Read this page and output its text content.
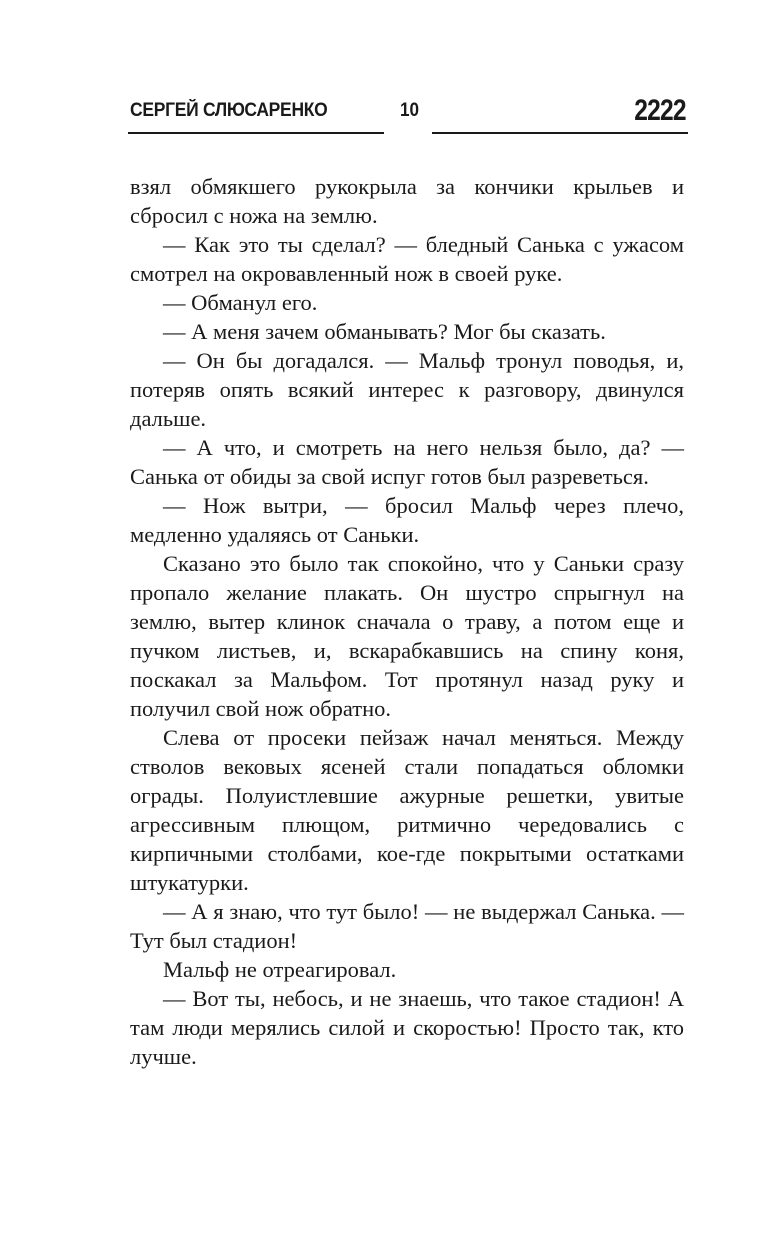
СЕРГЕЙ СЛЮСАРЕНКО	10	2222

взял обмякшего рукокрыла за кончики крыльев и сбросил с ножа на землю.

— Как это ты сделал? — бледный Санька с ужасом смотрел на окровавленный нож в своей руке.

— Обманул его.

— А меня зачем обманывать? Мог бы сказать.

— Он бы догадался. — Мальф тронул поводья, и, потеряв опять всякий интерес к разговору, двинулся дальше.

— А что, и смотреть на него нельзя было, да? — Санька от обиды за свой испуг готов был разреветься.

— Нож вытри, — бросил Мальф через плечо, медленно удаляясь от Саньки.

Сказано это было так спокойно, что у Саньки сразу пропало желание плакать. Он шустро спрыгнул на землю, вытер клинок сначала о траву, а потом еще и пучком листьев, и, вскарабкавшись на спину коня, поскакал за Мальфом. Тот протянул назад руку и получил свой нож обратно.

Слева от просеки пейзаж начал меняться. Между стволов вековых ясеней стали попадаться обломки ограды. Полуистлевшие ажурные решетки, увитые агрессивным плющом, ритмично чередовались с кирпичными столбами, кое-где покрытыми остатками штукатурки.

— А я знаю, что тут было! — не выдержал Санька. — Тут был стадион!

Мальф не отреагировал.

— Вот ты, небось, и не знаешь, что такое стадион! А там люди мерялись силой и скоростью! Просто так, кто лучше.
